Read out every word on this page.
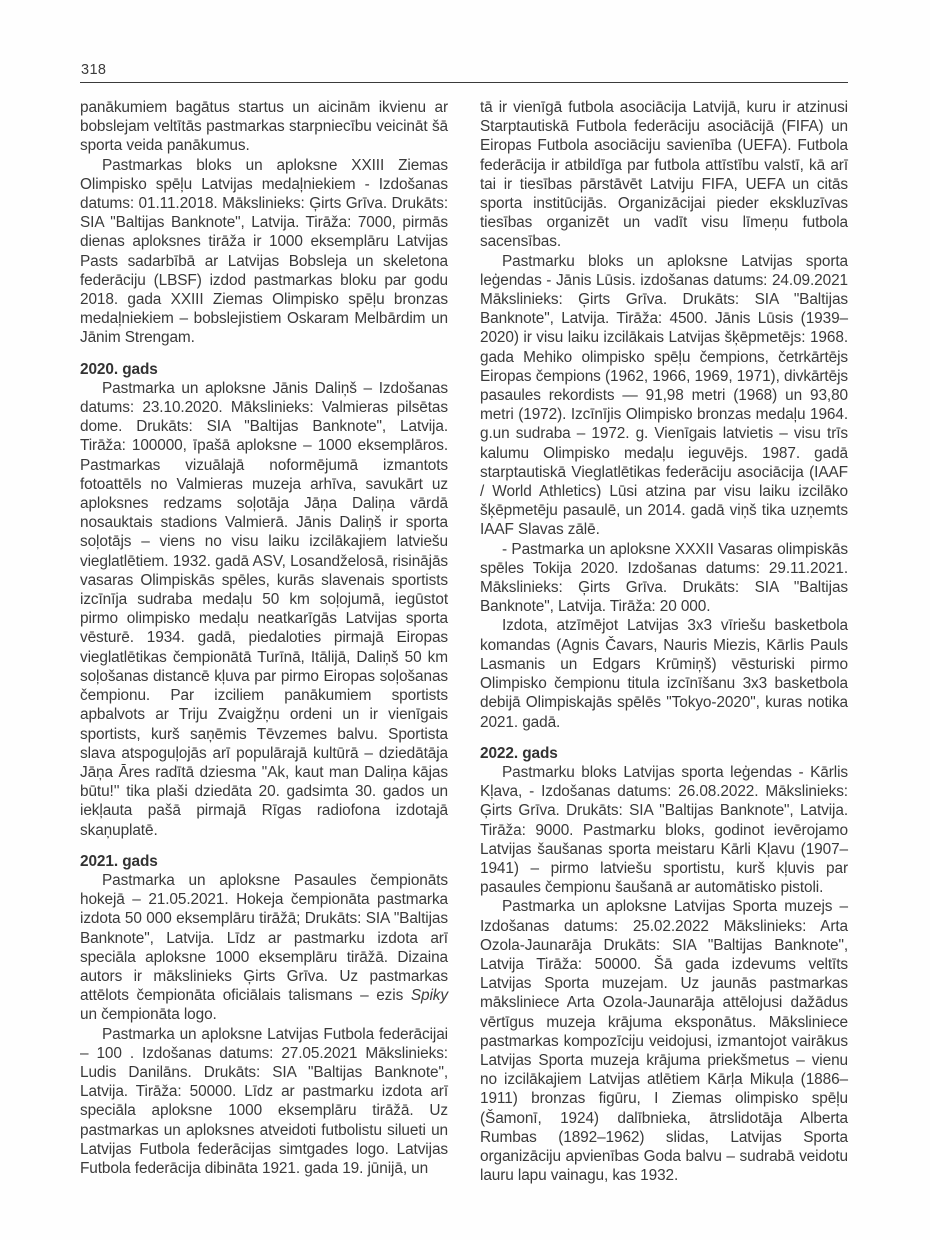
318

panākumiem bagātus startus un aicinām ikvienu ar bobslejam veltītās pastmarkas starpniecību veicināt šā sporta veida panākumus.

Pastmarkas bloks un aploksne XXIII Ziemas Olimpisko spēļu Latvijas medaļniekiem - Izdošanas datums: 01.11.2018. Mākslinieks: Ģirts Grīva. Drukāts: SIA "Baltijas Banknote", Latvija. Tirāža: 7000, pirmās dienas aploksnes tirāža ir 1000 eksemplāru Latvijas Pasts sadarbībā ar Latvijas Bobsleja un skeletona federāciju (LBSF) izdod pastmarkas bloku par godu 2018. gada XXIII Ziemas Olimpisko spēļu bronzas medaļniekiem – bobslejistiem Oskaram Melbārdim un Jānim Strengam.

2020. gads

Pastmarka un aploksne Jānis Daliņš – Izdošanas datums: 23.10.2020. Mākslinieks: Valmieras pilsētas dome. Drukāts: SIA "Baltijas Banknote", Latvija. Tirāža: 100000, īpašā aploksne – 1000 eksemplāros. Pastmarkas vizuālajā noformējumā izmantots fotoattēls no Valmieras muzeja arhīva, savukārt uz aploksnes redzams soļotāja Jāņa Daliņa vārdā nosauktais stadions Valmierā. Jānis Daliņš ir sporta soļotājs – viens no visu laiku izcilākajiem latviešu vieglatlētiem. 1932. gadā ASV, Losandželosā, risinājās vasaras Olimpiskās spēles, kurās slavenais sportists izcīnīja sudraba medaļu 50 km soļojumā, iegūstot pirmo olimpisko medaļu neatkarīgās Latvijas sporta vēsturē. 1934. gadā, piedaloties pirmajā Eiropas vieglatlētikas čempionātā Turīnā, Itālijā, Daliņš 50 km soļošanas distancē kļuva par pirmo Eiropas soļošanas čempionu. Par izciliem panākumiem sportists apbalvots ar Triju Zvaigžņu ordeni un ir vienīgais sportists, kurš saņēmis Tēvzemes balvu. Sportista slava atspoguļojās arī populārajā kultūrā – dziedātāja Jāņa Āres radītā dziesma ''Ak, kaut man Daliņa kājas būtu!'' tika plaši dziedāta 20. gadsimta 30. gados un iekļauta pašā pirmajā Rīgas radiofona izdotajā skaņuplatē.

2021. gads

Pastmarka un aploksne Pasaules čempionāts hokejā – 21.05.2021. Hokeja čempionāta pastmarka izdota 50 000 eksemplāru tirāžā; Drukāts: SIA "Baltijas Banknote", Latvija. Līdz ar pastmarku izdota arī speciāla aploksne 1000 eksemplāru tirāžā. Dizaina autors ir mākslinieks Ģirts Grīva. Uz pastmarkas attēlots čempionāta oficiālais talismans – ezis Spiky un čempionāta logo.

Pastmarka un aploksne Latvijas Futbola federācijai – 100 . Izdošanas datums: 27.05.2021 Mākslinieks: Ludis Danilāns. Drukāts: SIA "Baltijas Banknote", Latvija. Tirāža: 50000. Līdz ar pastmarku izdota arī speciāla aploksne 1000 eksemplāru tirāžā. Uz pastmarkas un aploksnes atveidoti futbolistu silueti un Latvijas Futbola federācijas simtgades logo. Latvijas Futbola federācija dibināta 1921. gada 19. jūnijā, un

tā ir vienīgā futbola asociācija Latvijā, kuru ir atzinusi Starptautiskā Futbola federāciju asociācijā (FIFA) un Eiropas Futbola asociāciju savienība (UEFA). Futbola federācija ir atbildīga par futbola attīstību valstī, kā arī tai ir tiesības pārstāvēt Latviju FIFA, UEFA un citās sporta institūcijās. Organizācijai pieder ekskluzīvas tiesības organizēt un vadīt visu līmeņu futbola sacensības.

Pastmarku bloks un aploksne Latvijas sporta leģendas - Jānis Lūsis. izdošanas datums: 24.09.2021 Mākslinieks: Ģirts Grīva. Drukāts: SIA "Baltijas Banknote", Latvija. Tirāža: 4500. Jānis Lūsis (1939–2020) ir visu laiku izcilākais Latvijas šķēpmetējs: 1968. gada Mehiko olimpisko spēļu čempions, četrkārtējs Eiropas čempions (1962, 1966, 1969, 1971), divkārtējs pasaules rekordists — 91,98 metri (1968) un 93,80 metri (1972). Izcīnījis Olimpisko bronzas medaļu 1964. g.un sudraba – 1972. g. Vienīgais latvietis – visu trīs kalumu Olimpisko medaļu ieguvējs. 1987. gadā starptautiskā Vieglatlētikas federāciju asociācija (IAAF / World Athletics) Lūsi atzina par visu laiku izcilāko šķēpmetēju pasaulē, un 2014. gadā viņš tika uzņemts IAAF Slavas zālē.

- Pastmarka un aploksne XXXII Vasaras olimpiskās spēles Tokija 2020. Izdošanas datums: 29.11.2021. Mākslinieks: Ģirts Grīva. Drukāts: SIA "Baltijas Banknote", Latvija. Tirāža: 20 000.

Izdota, atzīmējot Latvijas 3x3 vīriešu basketbola komandas (Agnis Čavars, Nauris Miezis, Kārlis Pauls Lasmanis un Edgars Krūmiņš) vēsturiski pirmo Olimpisko čempionu titula izcīnīšanu 3x3 basketbola debijā Olimpiskajās spēlēs "Tokyo-2020", kuras notika 2021. gadā.

2022. gads

Pastmarku bloks Latvijas sporta leģendas - Kārlis Kļava, - Izdošanas datums: 26.08.2022. Mākslinieks: Ģirts Grīva. Drukāts: SIA "Baltijas Banknote", Latvija. Tirāža: 9000. Pastmarku bloks, godinot ievērojamo Latvijas šaušanas sporta meistaru Kārli Kļavu (1907–1941) – pirmo latviešu sportistu, kurš kļuvis par pasaules čempionu šaušanā ar automātisko pistoli.

Pastmarka un aploksne Latvijas Sporta muzejs – Izdošanas datums: 25.02.2022 Mākslinieks: Arta Ozola-Jaunarāja Drukāts: SIA "Baltijas Banknote", Latvija Tirāža: 50000. Šā gada izdevums veltīts Latvijas Sporta muzejam. Uz jaunās pastmarkas māksliniece Arta Ozola-Jaunarāja attēlojusi dažādus vērtīgus muzeja krājuma eksponātus. Māksliniece pastmarkas kompozīciju veidojusi, izmantojot vairākus Latvijas Sporta muzeja krājuma priekšmetus – vienu no izcilākajiem Latvijas atlētiem Kārļa Mikuļa (1886–1911) bronzas figūru, I Ziemas olimpisko spēļu (Šamonī, 1924) dalībnieka, ātrslidotāja Alberta Rumbas (1892–1962) slidas, Latvijas Sporta organizāciju apvienības Goda balvu – sudrabā veidotu lauru lapu vainagu, kas 1932.
